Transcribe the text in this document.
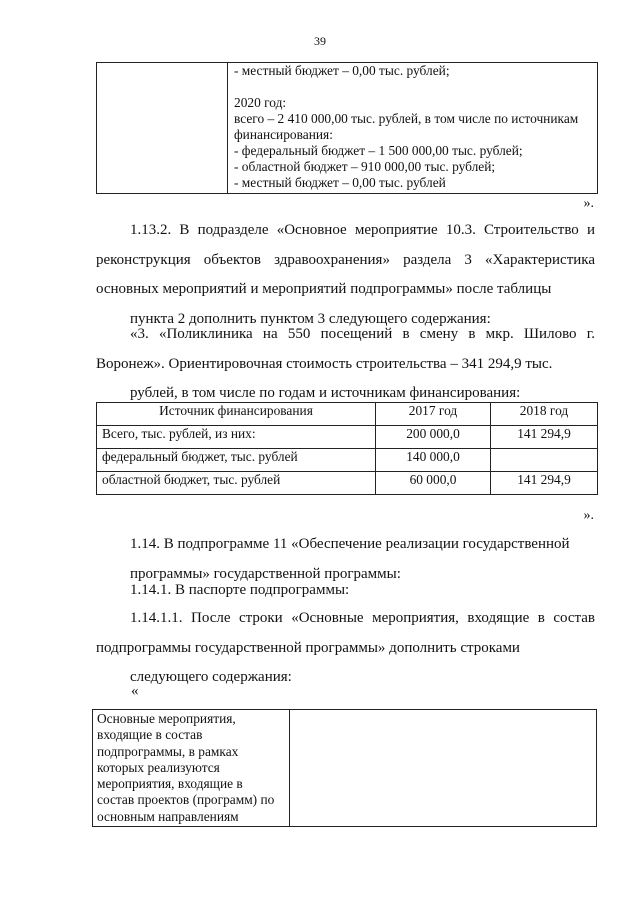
39

- местный бюджет – 0,00 тыс. рублей;
2020 год:
всего – 2 410 000,00 тыс. рублей, в том числе по источникам
финансирования:
- федеральный бюджет – 1 500 000,00 тыс. рублей;
- областной бюджет – 910 000,00 тыс. рублей;
- местный бюджет – 0,00 тыс. рублей
».

1.13.2. В подразделе «Основное мероприятие 10.3. Строительство и реконструкция объектов здравоохранения» раздела 3 «Характеристика основных мероприятий и мероприятий подпрограммы» после таблицы
пункта 2 дополнить пунктом 3 следующего содержания:

«3. «Поликлиника на 550 посещений в смену в мкр. Шилово г. Воронеж». Ориентировочная стоимость строительства – 341 294,9 тыс.
рублей, в том числе по годам и источникам финансирования:

Источник финансирования	2017 год	2018 год
Всего, тыс. рублей, из них:	200 000,0	141 294,9
федеральный бюджет, тыс. рублей	140 000,0	
областной бюджет, тыс. рублей	60 000,0	141 294,9
».

1.14. В подпрограмме 11 «Обеспечение реализации государственной
программы» государственной программы:

1.14.1. В паспорте подпрограммы:

1.14.1.1. После строки «Основные мероприятия, входящие в состав подпрограммы государственной программы» дополнить строками
следующего содержания:

«
Основные мероприятия,
входящие в состав
подпрограммы, в рамках
которых реализуются
мероприятия, входящие в
состав проектов (программ) по
основным направлениям
